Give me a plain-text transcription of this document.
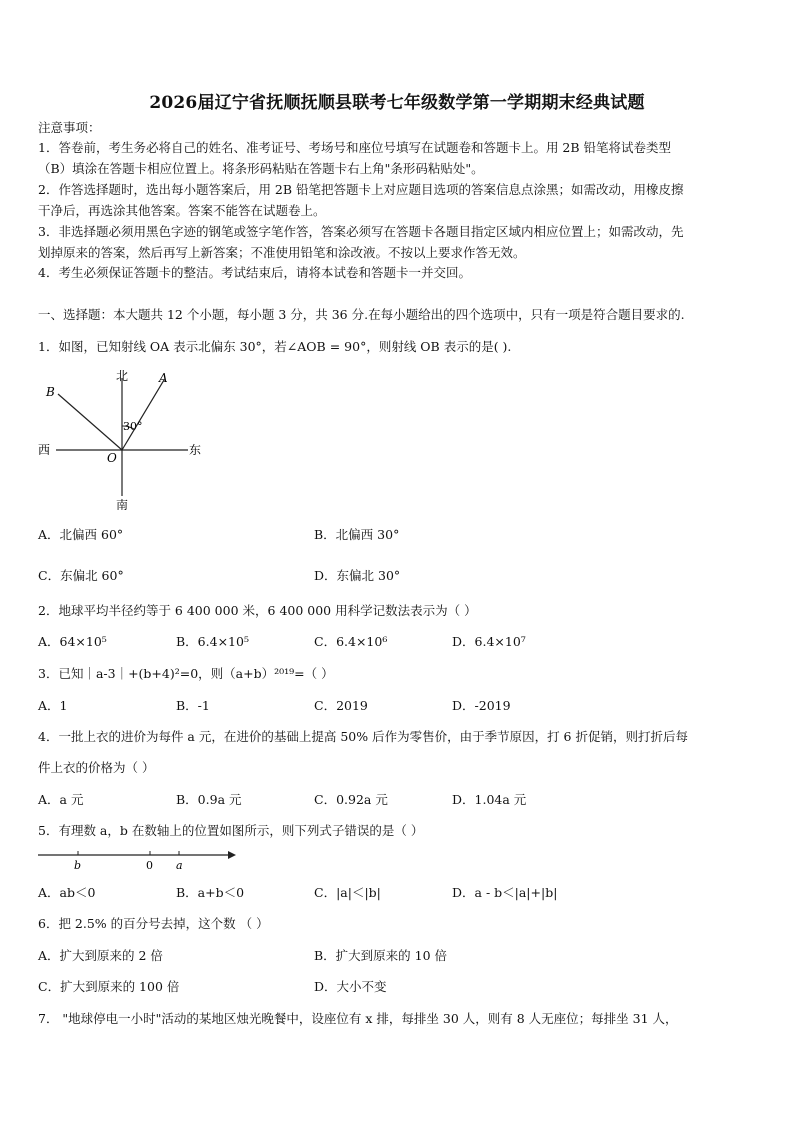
2026届辽宁省抚顺抚顺县联考七年级数学第一学期期末经典试题
注意事项：
1．答卷前，考生务必将自己的姓名、准考证号、考场号和座位号填写在试题卷和答题卡上。用 2B 铅笔将试卷类型
（B）填涂在答题卡相应位置上。将条形码粘贴在答题卡右上角"条形码粘贴处"。
2．作答选择题时，选出每小题答案后，用 2B 铅笔把答题卡上对应题目选项的答案信息点涂黑；如需改动，用橡皮擦
干净后，再选涂其他答案。答案不能答在试题卷上。
3．非选择题必须用黑色字迹的钢笔或签字笔作答，答案必须写在答题卡各题目指定区域内相应位置上；如需改动，先
划掉原来的答案，然后再写上新答案；不准使用铅笔和涂改液。不按以上要求作答无效。
4．考生必须保证答题卡的整洁。考试结束后，请将本试卷和答题卡一并交回。
一、选择题：本大题共 12 个小题，每小题 3 分，共 36 分.在每小题给出的四个选项中，只有一项是符合题目要求的.
1．如图，已知射线 OA 表示北偏东 30°，若∠AOB = 90°，则射线 OB 表示的是( ).
北
南
西	东
A
B
O
30°
A．北偏西 60°	B．北偏西 30°
C．东偏北 60°	D．东偏北 30°
2．地球平均半径约等于 6 400 000 米，6 400 000 用科学记数法表示为（ ）
A．64×10⁵	B．6.4×10⁵	C．6.4×10⁶	D．6.4×10⁷
3．已知｜a-3｜+(b+4)²=0，则（a+b）²⁰¹⁹=（ ）
A．1	B．-1	C．2019	D．-2019
4．一批上衣的进价为每件 a 元，在进价的基础上提高 50% 后作为零售价，由于季节原因，打 6 折促销，则打折后每
件上衣的价格为（ ）
A．a 元	B．0.9a 元	C．0.92a 元	D．1.04a 元
5．有理数 a，b 在数轴上的位置如图所示，则下列式子错误的是（ ）
b	0 a
A．ab＜0	B．a+b＜0	C．|a|＜|b|	D．a - b＜|a|+|b|
6．把 2.5% 的百分号去掉，这个数 （ ）
A．扩大到原来的 2 倍	B．扩大到原来的 10 倍
C．扩大到原来的 100 倍	D．大小不变
7． "地球停电一小时"活动的某地区烛光晚餐中，设座位有 x 排，每排坐 30 人，则有 8 人无座位；每排坐 31 人，
